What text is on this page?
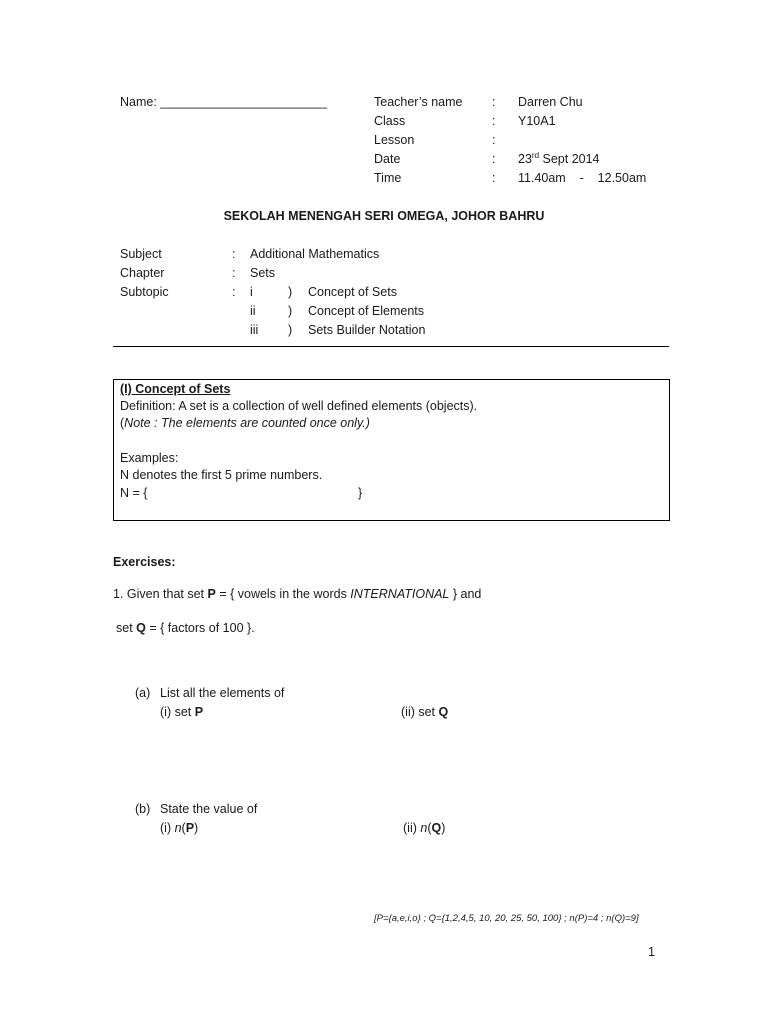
Name: ________________________	Teacher’s name : Darren Chu
Class	: Y10A1
Lesson	:
Date	: 23rd Sept 2014
Time	: 11.40am    -    12.50am
SEKOLAH MENENGAH SERI OMEGA, JOHOR BAHRU
Subject	: Additional Mathematics
Chapter	: Sets
Subtopic	: i	) Concept of Sets
ii	) Concept of Elements
iii ) Sets Builder Notation
(I) Concept of Sets
Definition: A set is a collection of well defined elements (objects).
(Note : The elements are counted once only.)
Examples:
N denotes the first 5 prime numbers.
N = {	}
Exercises:
1. Given that set P = { vowels in the words INTERNATIONAL } and
set Q = { factors of 100 }.
(a) List all the elements of
(i) set P	(ii) set Q
(b) State the value of
(i) n(P)	(ii) n(Q)
[P={a,e,i,o} ; Q={1,2,4,5, 10, 20, 25, 50, 100} ; n(P)=4 ; n(Q)=9]
1
